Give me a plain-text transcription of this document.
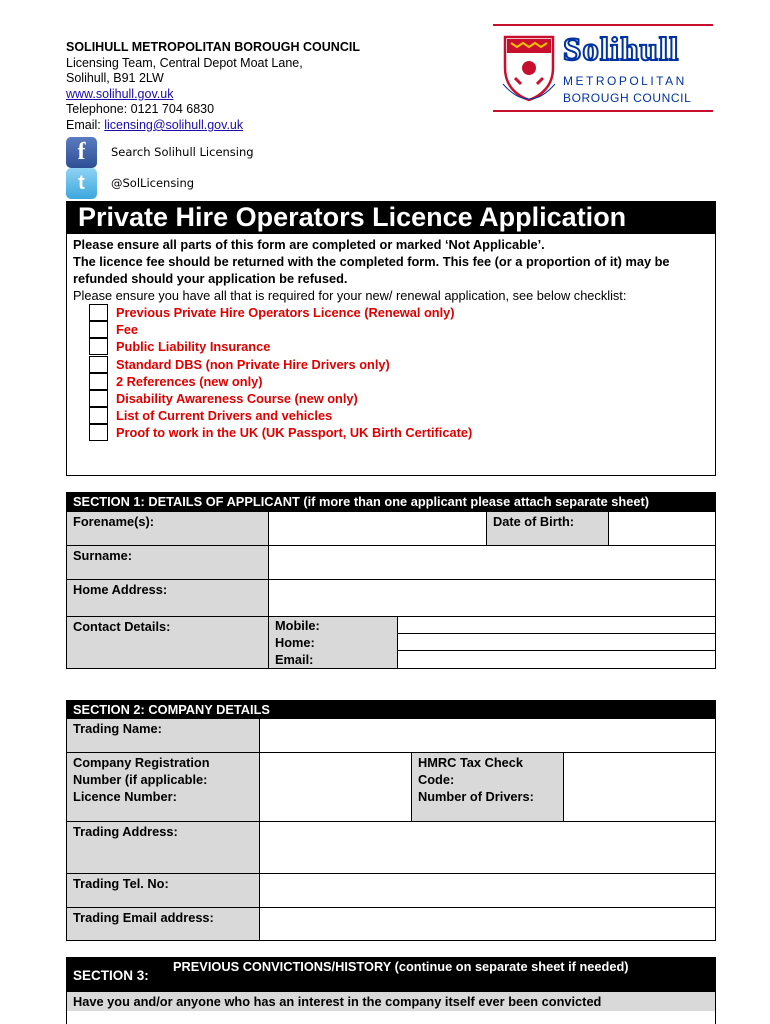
SOLIHULL METROPOLITAN BOROUGH COUNCIL
Licensing Team, Central Depot Moat Lane,
Solihull, B91 2LW
www.solihull.gov.uk
Telephone: 0121 704 6830
Email: licensing@solihull.gov.uk
f	Search Solihull Licensing
t	@SolLicensing
Solihull
METROPOLITAN
BOROUGH COUNCIL
Private Hire Operators Licence Application
Please ensure all parts of this form are completed or marked ‘Not Applicable’.
The licence fee should be returned with the completed form. This fee (or a proportion of it) may be refunded should your application be refused.
Please ensure you have all that is required for your new/ renewal application, see below checklist:
Previous Private Hire Operators Licence (Renewal only)
Fee
Public Liability Insurance
Standard DBS (non Private Hire Drivers only)
2 References (new only)
Disability Awareness Course (new only)
List of Current Drivers and vehicles
Proof to work in the UK (UK Passport, UK Birth Certificate)
SECTION 1: DETAILS OF APPLICANT (if more than one applicant please attach separate sheet)
Forename(s):	Date of Birth:
Surname:
Home Address:
Contact Details:	Mobile:
Home:
Email:
SECTION 2: COMPANY DETAILS
Trading Name:
Company Registration Number (if applicable:
Licence Number:
HMRC Tax Check Code:
Number of Drivers:
Trading Address:
Trading Tel. No:
Trading Email address:
SECTION 3:
PREVIOUS CONVICTIONS/HISTORY (continue on separate sheet if needed)
Have you and/or anyone who has an interest in the company itself ever been convicted
